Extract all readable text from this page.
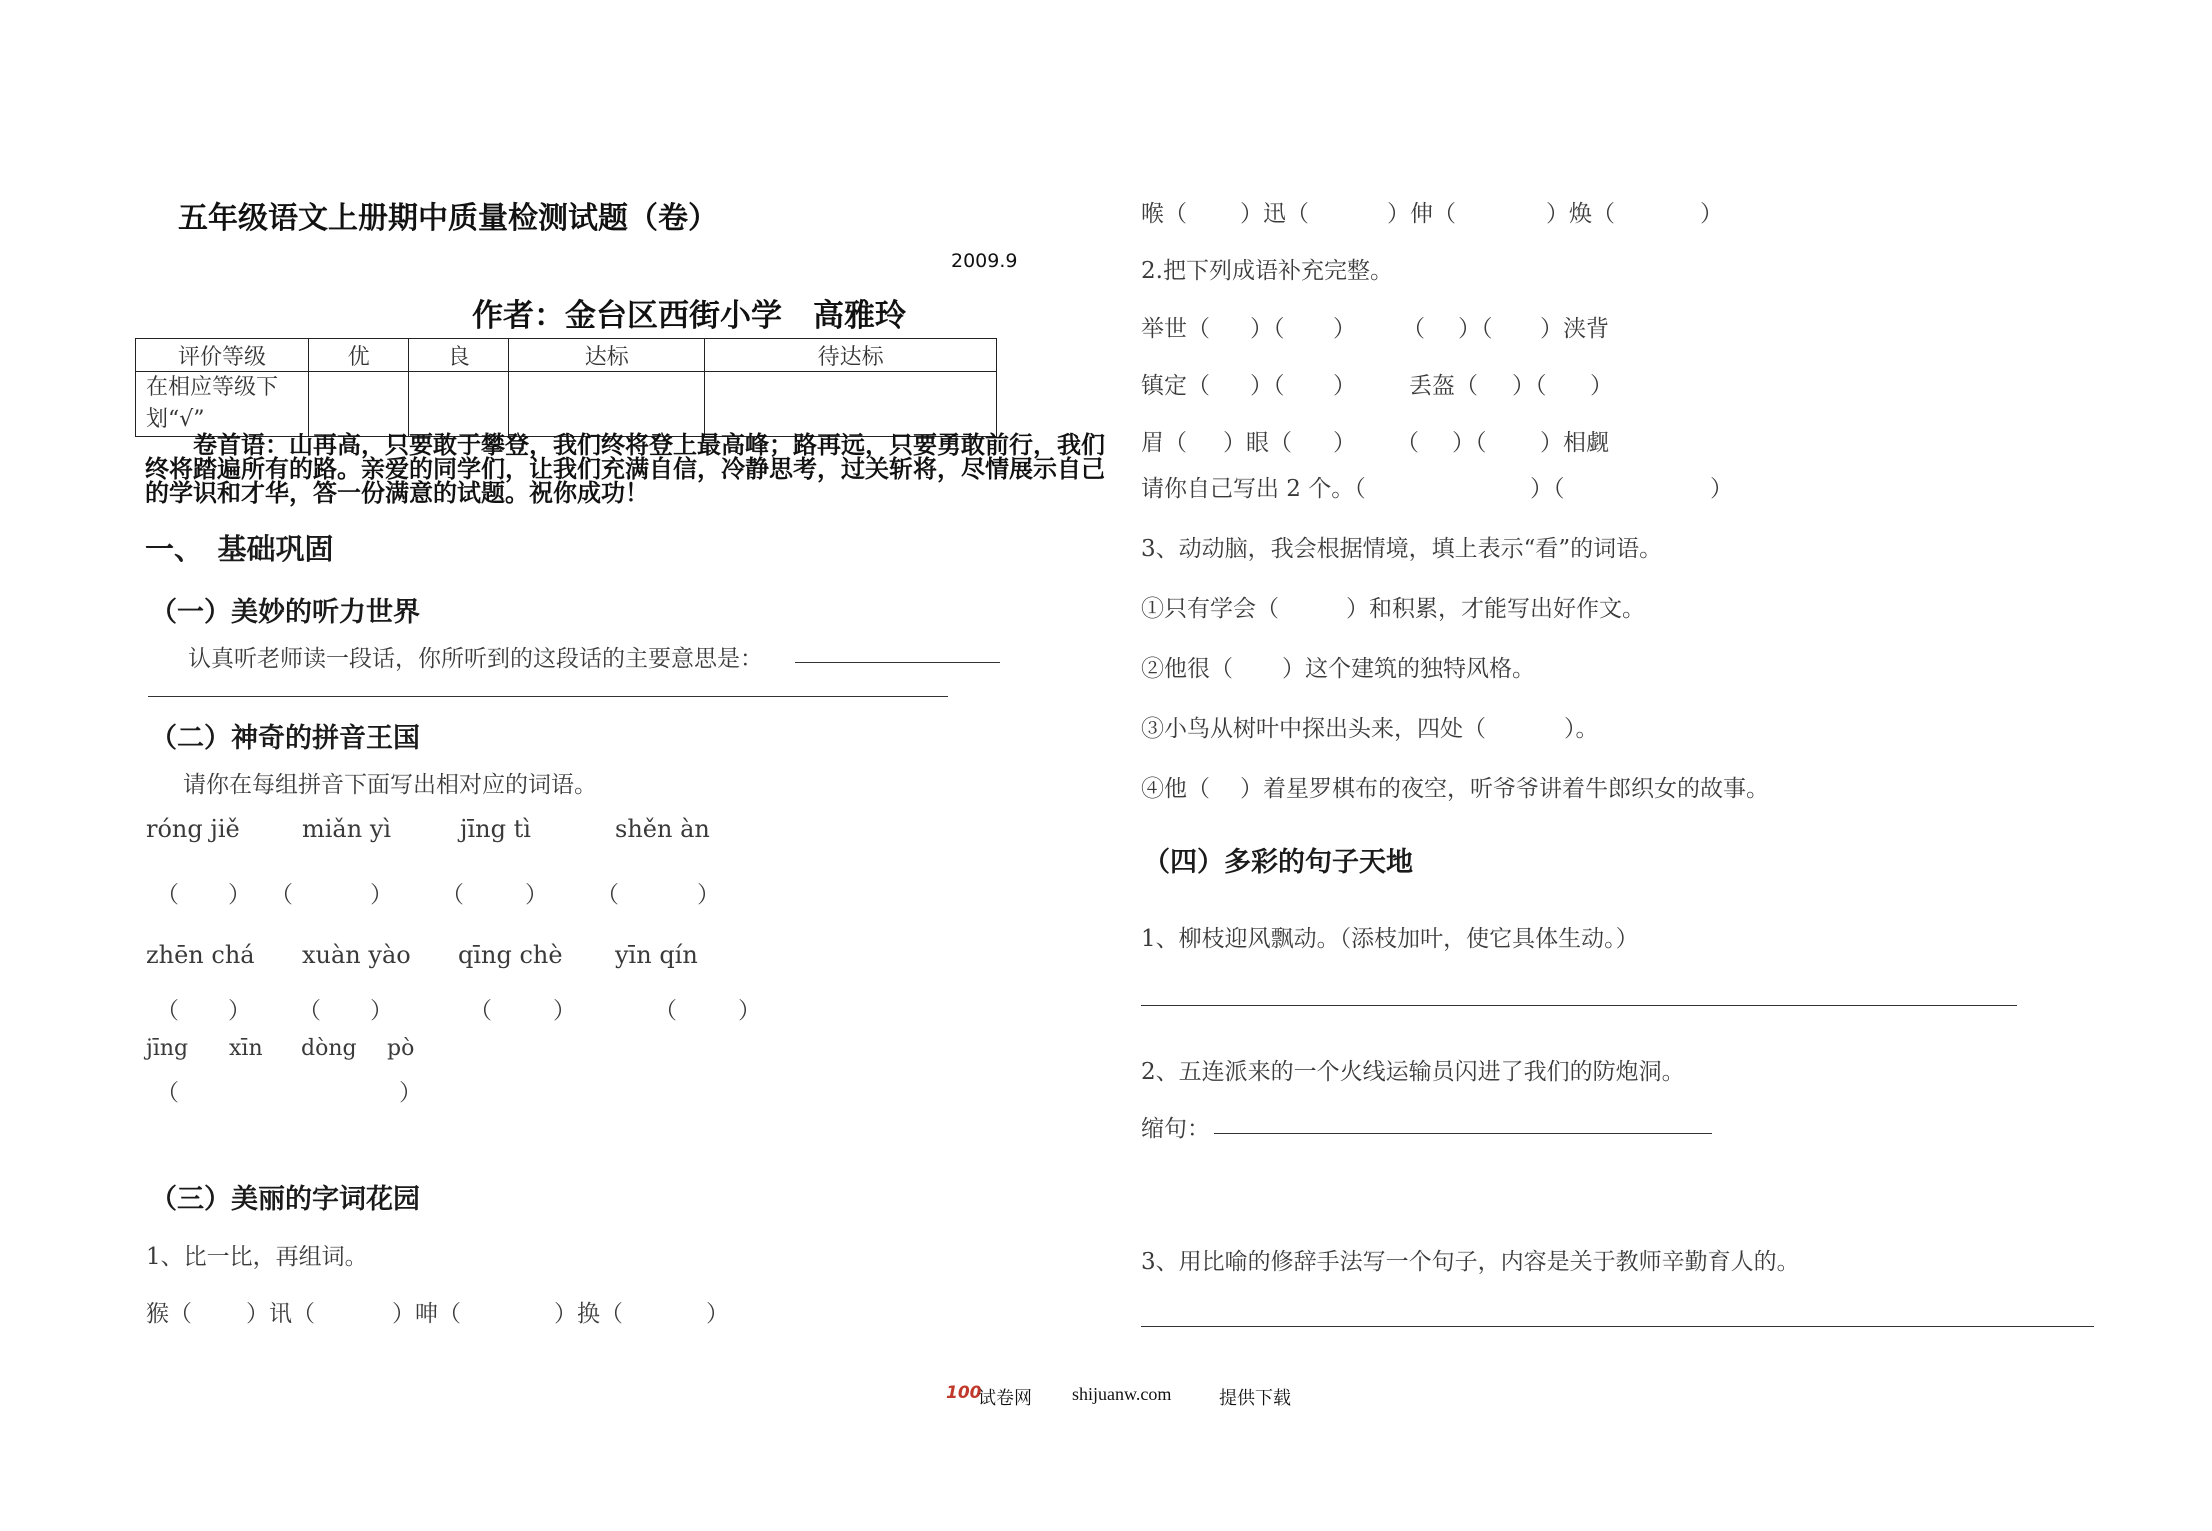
五年级语文上册期中质量检测试题（卷）
2009.9
作者：金台区西街小学　高雅玲
评价等级	优	良	达标	待达标
在相应等级下划“√”				
卷首语：山再高，只要敢于攀登，我们终将登上最高峰；路再远，只要勇敢前行，我们终将踏遍所有的路。亲爱的同学们，让我们充满自信，冷静思考，过关斩将，尽情展示自己的学识和才华，答一份满意的试题。祝你成功！
一、　基础巩固
（一）美妙的听力世界
认真听老师读一段话，你所听到的这段话的主要意思是：
（二）神奇的拼音王国
请你在每组拼音下面写出相对应的词语。
róng jiě	miǎn yì	jīng tì	shěn àn
（ ） （	） （	） （	）
zhēn chá xuàn yào qīng chè yīn qín
（ ） （ ）	（	）	（	）
jīng xīn dòng pò
（	）
（三）美丽的字词花园
1、比一比，再组词。
猴（ ）讯（	）呻（	）换（	）
喉（ ）迅（	）伸（	）焕（	）
2.把下列成语补充完整。
举世（ ）（ ） （ ）（ ）浃背
镇定（ ）（ ） 丢盔（ ）（ ）
眉（ ）眼（ ） （ ）（ ）相觑
请你自己写出 2 个。（	）（	）
3、动动脑，我会根据情境，填上表示“看”的词语。
①只有学会（	）和积累，才能写出好作文。
②他很（ ）这个建筑的独特风格。
③小鸟从树叶中探出头来，四处（	）。
④他（ ）着星罗棋布的夜空，听爷爷讲着牛郎织女的故事。
（四）多彩的句子天地
1、柳枝迎风飘动。（添枝加叶，使它具体生动。）
2、五连派来的一个火线运输员闪进了我们的防炮洞。
缩句：
3、用比喻的修辞手法写一个句子，内容是关于教师辛勤育人的。
100
试卷网 shijuanw.com	提供下载
